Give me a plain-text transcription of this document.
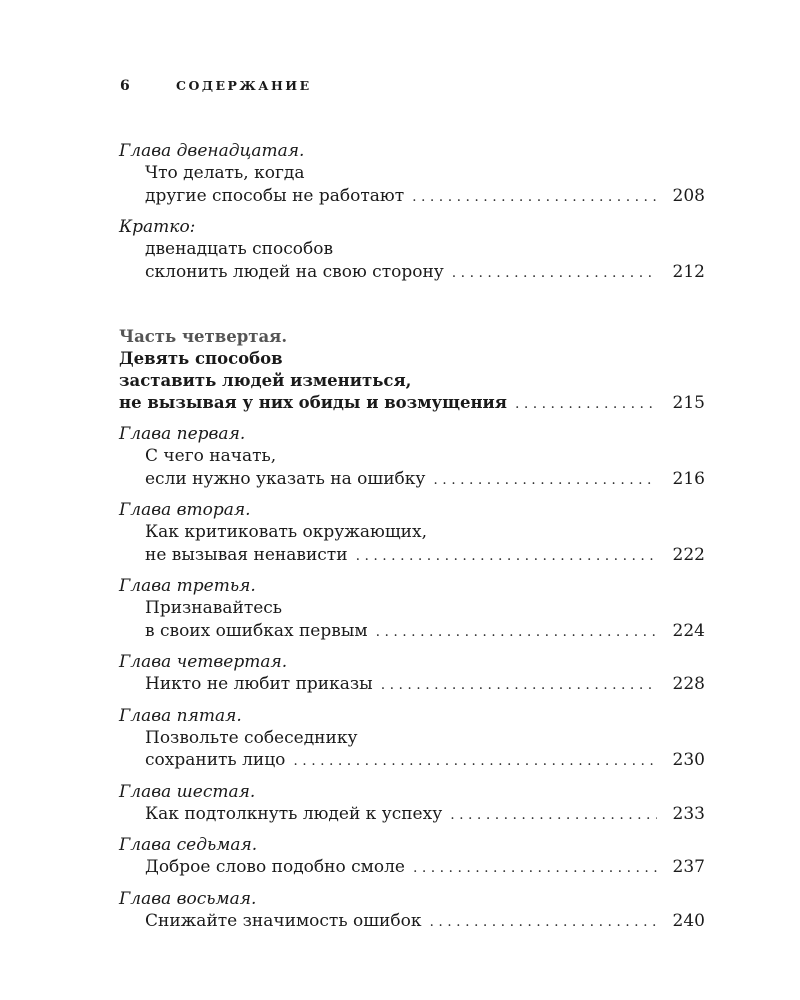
6	СОДЕРЖАНИЕ
Глава двенадцатая.
Что делать, когда
другие способы не работают . . .	208
Кратко:
двенадцать способов
склонить людей на свою сторону . . .	212
Часть четвертая.
Девять способов
заставить людей измениться,
не вызывая у них обиды и возмущения . . .	215
Глава первая.
С чего начать,
если нужно указать на ошибку . . .	216
Глава вторая.
Как критиковать окружающих,
не вызывая ненависти . . .	222
Глава третья.
Признавайтесь
в своих ошибках первым . . .	224
Глава четвертая.
Никто не любит приказы . . .	228
Глава пятая.
Позвольте собеседнику
сохранить лицо . . .	230
Глава шестая.
Как подтолкнуть людей к успеху . . .	233
Глава седьмая.
Доброе слово подобно смоле . . .	237
Глава восьмая.
Снижайте значимость ошибок . . .	240
